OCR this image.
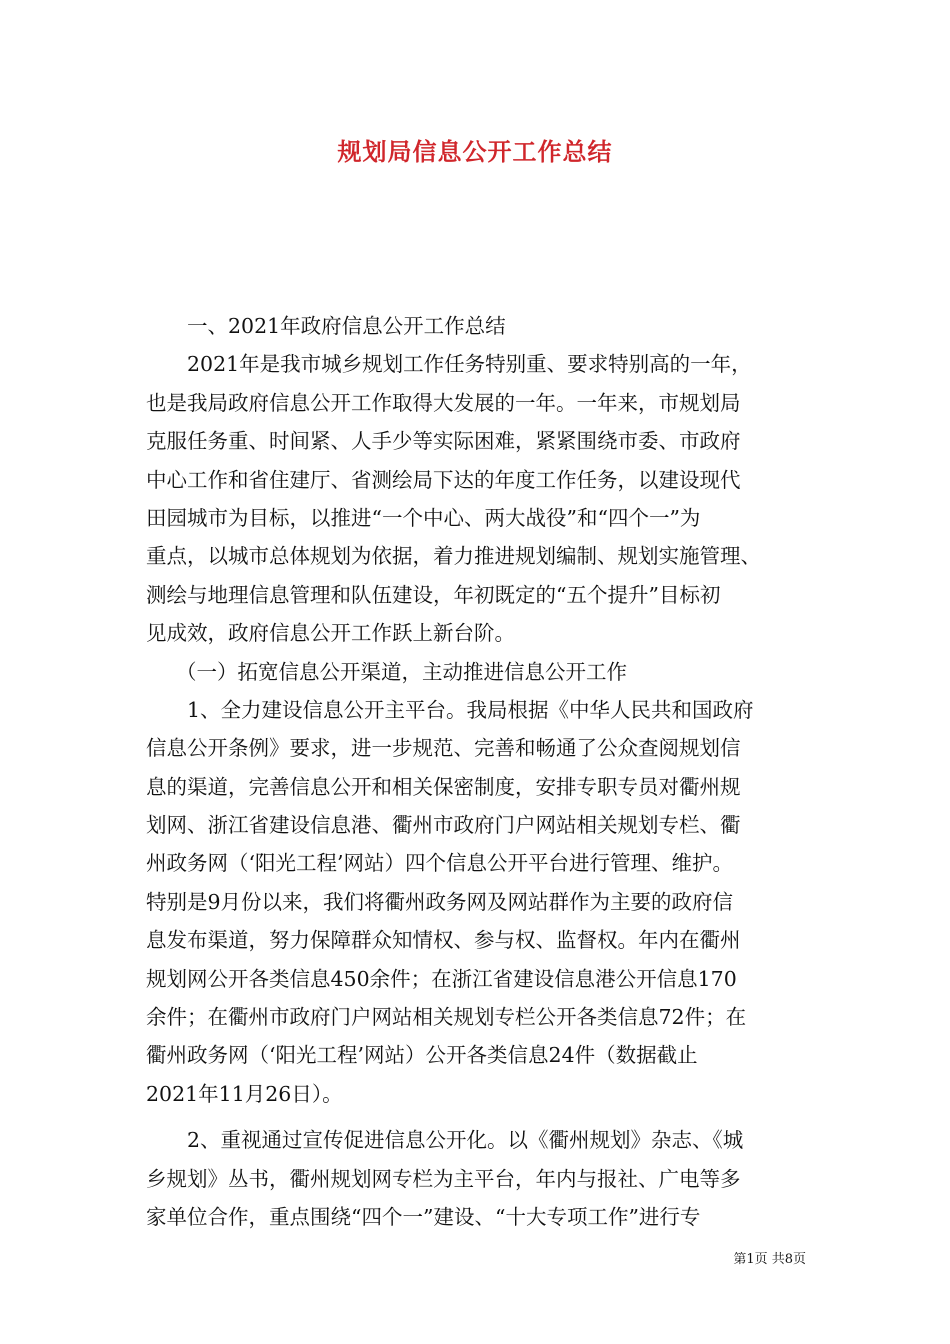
规划局信息公开工作总结

一、2021年政府信息公开工作总结

2021年是我市城乡规划工作任务特别重、要求特别高的一年，

也是我局政府信息公开工作取得大发展的一年。一年来，市规划局

克服任务重、时间紧、人手少等实际困难，紧紧围绕市委、市政府

中心工作和省住建厅、省测绘局下达的年度工作任务，以建设现代

田园城市为目标，以推进“一个中心、两大战役”和“四个一”为

重点，以城市总体规划为依据，着力推进规划编制、规划实施管理、

测绘与地理信息管理和队伍建设，年初既定的“五个提升”目标初

见成效，政府信息公开工作跃上新台阶。

（一）拓宽信息公开渠道，主动推进信息公开工作

1、全力建设信息公开主平台。我局根据《中华人民共和国政府

信息公开条例》要求，进一步规范、完善和畅通了公众查阅规划信

息的渠道，完善信息公开和相关保密制度，安排专职专员对衢州规

划网、浙江省建设信息港、衢州市政府门户网站相关规划专栏、衢

州政务网（‘阳光工程’网站）四个信息公开平台进行管理、维护。

特别是9月份以来，我们将衢州政务网及网站群作为主要的政府信

息发布渠道，努力保障群众知情权、参与权、监督权。年内在衢州

规划网公开各类信息450余件；在浙江省建设信息港公开信息170

余件；在衢州市政府门户网站相关规划专栏公开各类信息72件；在

衢州政务网（‘阳光工程’网站）公开各类信息24件（数据截止

2021年11月26日）。

2、重视通过宣传促进信息公开化。以《衢州规划》杂志、《城

乡规划》丛书，衢州规划网专栏为主平台，年内与报社、广电等多

家单位合作，重点围绕“四个一”建设、“十大专项工作”进行专

第1页 共8页
